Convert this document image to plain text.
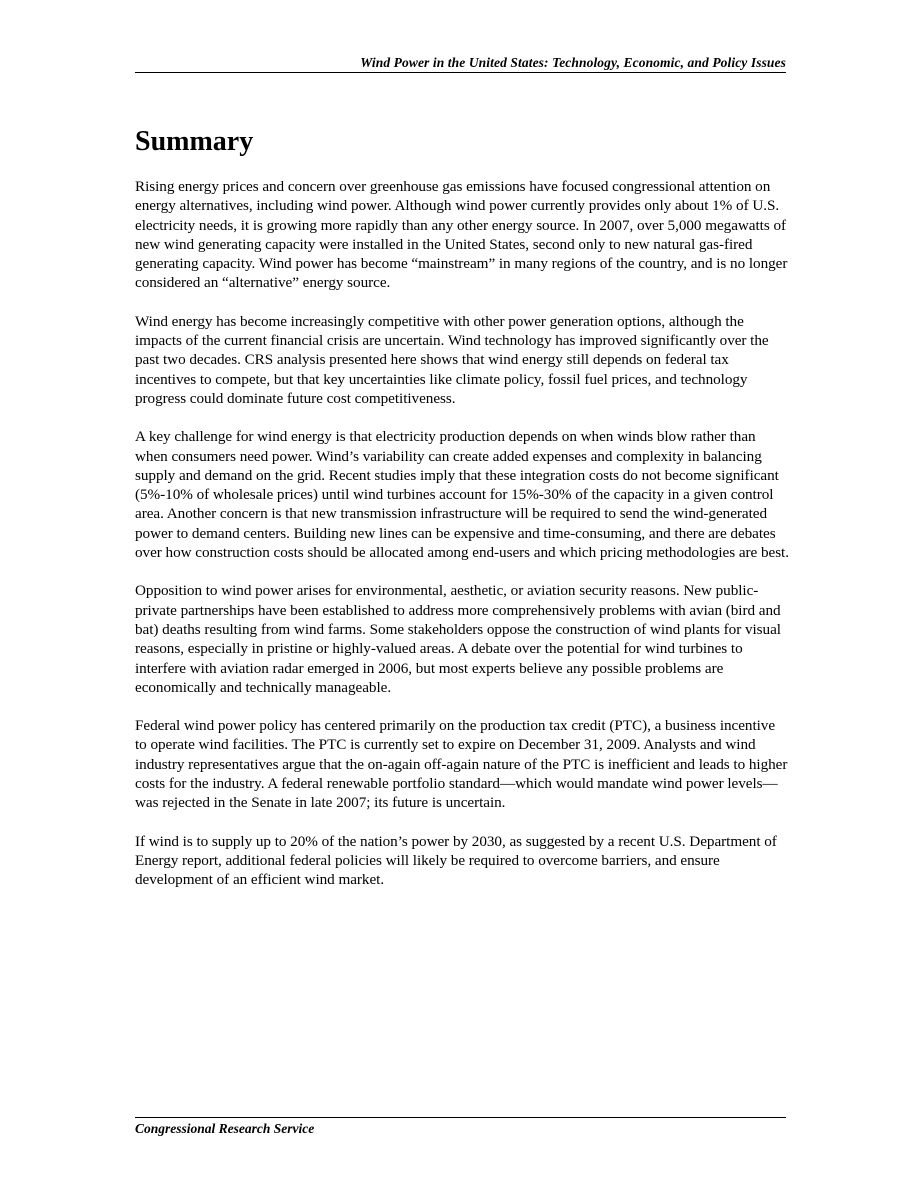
Wind Power in the United States: Technology, Economic, and Policy Issues
Summary

Rising energy prices and concern over greenhouse gas emissions have focused congressional attention on energy alternatives, including wind power. Although wind power currently provides only about 1% of U.S. electricity needs, it is growing more rapidly than any other energy source. In 2007, over 5,000 megawatts of new wind generating capacity were installed in the United States, second only to new natural gas-fired generating capacity. Wind power has become “mainstream” in many regions of the country, and is no longer considered an “alternative” energy source.

Wind energy has become increasingly competitive with other power generation options, although the impacts of the current financial crisis are uncertain. Wind technology has improved significantly over the past two decades. CRS analysis presented here shows that wind energy still depends on federal tax incentives to compete, but that key uncertainties like climate policy, fossil fuel prices, and technology progress could dominate future cost competitiveness.

A key challenge for wind energy is that electricity production depends on when winds blow rather than when consumers need power. Wind’s variability can create added expenses and complexity in balancing supply and demand on the grid. Recent studies imply that these integration costs do not become significant (5%-10% of wholesale prices) until wind turbines account for 15%-30% of the capacity in a given control area. Another concern is that new transmission infrastructure will be required to send the wind-generated power to demand centers. Building new lines can be expensive and time-consuming, and there are debates over how construction costs should be allocated among end-users and which pricing methodologies are best.

Opposition to wind power arises for environmental, aesthetic, or aviation security reasons. New public-private partnerships have been established to address more comprehensively problems with avian (bird and bat) deaths resulting from wind farms. Some stakeholders oppose the construction of wind plants for visual reasons, especially in pristine or highly-valued areas. A debate over the potential for wind turbines to interfere with aviation radar emerged in 2006, but most experts believe any possible problems are economically and technically manageable.

Federal wind power policy has centered primarily on the production tax credit (PTC), a business incentive to operate wind facilities. The PTC is currently set to expire on December 31, 2009. Analysts and wind industry representatives argue that the on-again off-again nature of the PTC is inefficient and leads to higher costs for the industry. A federal renewable portfolio standard—which would mandate wind power levels—was rejected in the Senate in late 2007; its future is uncertain.

If wind is to supply up to 20% of the nation’s power by 2030, as suggested by a recent U.S. Department of Energy report, additional federal policies will likely be required to overcome barriers, and ensure development of an efficient wind market.

Congressional Research Service
